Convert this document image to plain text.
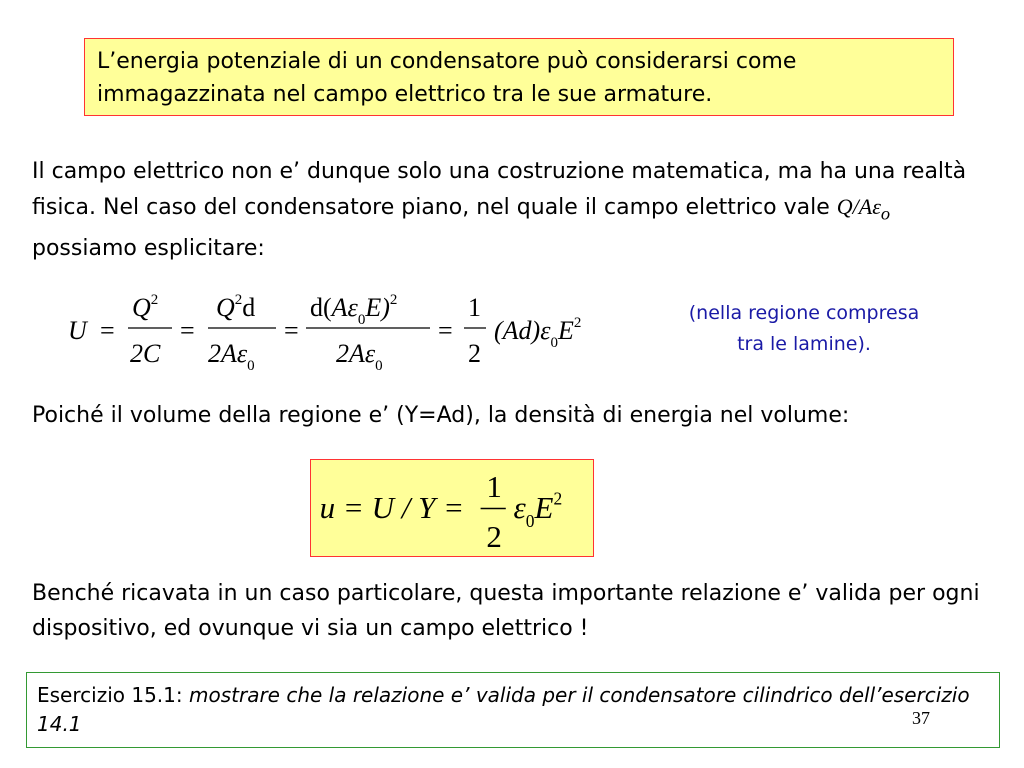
L’energia potenziale di un condensatore può considerarsi come immagazzinata nel campo elettrico tra le sue armature.
Il campo elettrico non e’ dunque solo una costruzione matematica, ma ha una realtà fisica. Nel caso del condensatore piano, nel quale il campo elettrico vale $Q/A\varepsilon_o$ possiamo esplicitare:
U =
$Q^2$
2C
=
$Q^2d$
$2A\varepsilon_0$
=
$d(A\varepsilon_0E)^2$
$2A\varepsilon_0$
=
1
2
$(Ad)\varepsilon_0E^2$	(nella regione compresa
tra le lamine).
Poiché il volume della regione e’ (Y=Ad), la densità di energia nel volume:
u = U / Y =
1
2
$\varepsilon_0E^2$
Benché ricavata in un caso particolare, questa importante relazione e’ valida per ogni dispositivo, ed ovunque vi sia un campo elettrico !
Esercizio 15.1: mostrare che la relazione e’ valida per il condensatore cilindrico dell’esercizio 14.1	37
